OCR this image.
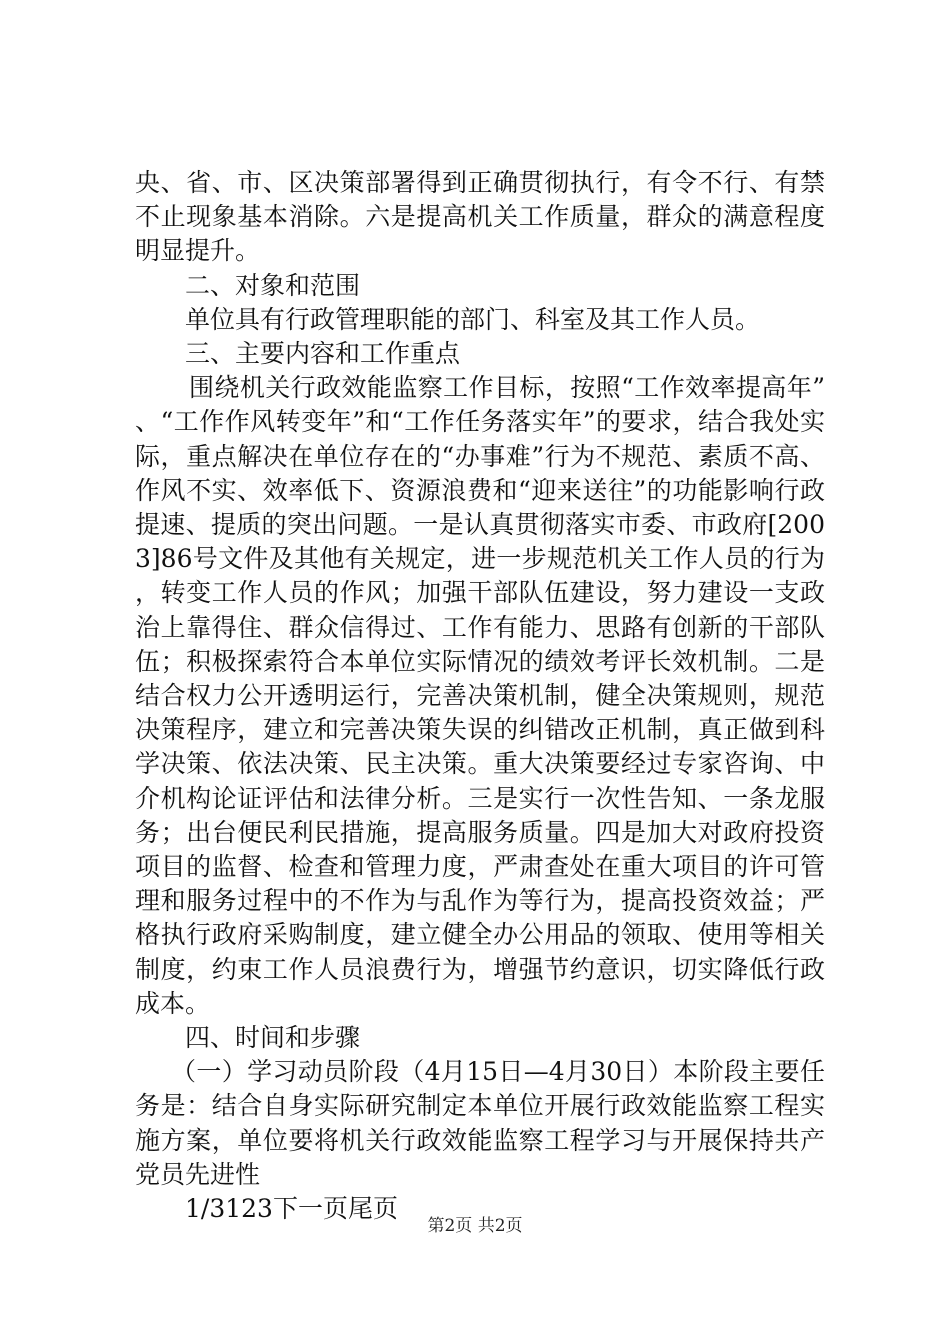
央、省、市、区决策部署得到正确贯彻执行，有令不行、有禁不止现象基本消除。六是提高机关工作质量，群众的满意程度明显提升。

二、对象和范围

单位具有行政管理职能的部门、科室及其工作人员。

三、主要内容和工作重点

围绕机关行政效能监察工作目标，按照“工作效率提高年”、“工作作风转变年”和“工作任务落实年”的要求，结合我处实际，重点解决在单位存在的“办事难”行为不规范、素质不高、作风不实、效率低下、资源浪费和“迎来送往”的功能影响行政提速、提质的突出问题。一是认真贯彻落实市委、市政府[2003]86号文件及其他有关规定，进一步规范机关工作人员的行为，转变工作人员的作风；加强干部队伍建设，努力建设一支政治上靠得住、群众信得过、工作有能力、思路有创新的干部队伍；积极探索符合本单位实际情况的绩效考评长效机制。二是结合权力公开透明运行，完善决策机制，健全决策规则，规范决策程序，建立和完善决策失误的纠错改正机制，真正做到科学决策、依法决策、民主决策。重大决策要经过专家咨询、中介机构论证评估和法律分析。三是实行一次性告知、一条龙服务；出台便民利民措施，提高服务质量。四是加大对政府投资项目的监督、检查和管理力度，严肃查处在重大项目的许可管理和服务过程中的不作为与乱作为等行为，提高投资效益；严格执行政府采购制度，建立健全办公用品的领取、使用等相关制度，约束工作人员浪费行为，增强节约意识，切实降低行政成本。

四、时间和步骤

（一）学习动员阶段（4月15日—4月30日）本阶段主要任务是：结合自身实际研究制定本单位开展行政效能监察工程实施方案，单位要将机关行政效能监察工程学习与开展保持共产党员先进性

1/3123下一页尾页

第2页 共2页
